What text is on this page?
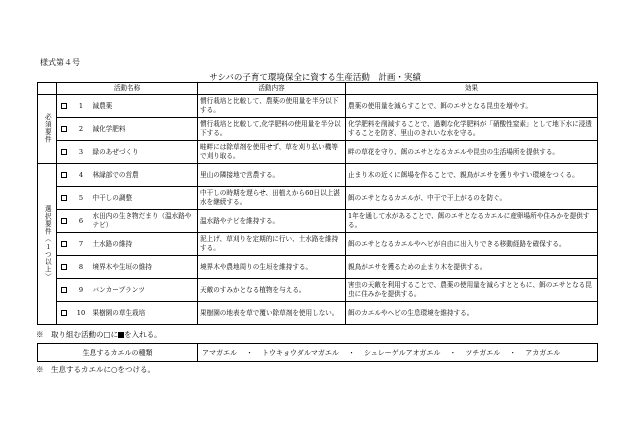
様式第４号
サシバの子育て環境保全に資する生産活動　計画・実績
	活動名称			活動内容	効果
必須要件		1	減農薬	慣行栽培と比較して、農薬の使用量を半分以下する。	農薬の使用量を減らすことで、餌のエサとなる昆虫を増やす。
		2	減化学肥料	慣行栽培と比較して,化学肥料の使用量を半分以下する。	化学肥料を削減することで、過剰な化学肥料が「硝酸性窒素」として地下水に浸透することを防ぎ、里山のきれいな水を守る。
		3	緑のあぜづくり	畦畔には除草剤を使用せず、草を刈り払い機等で刈り取る。	畔の草花を守り、餌のエサとなるカエルや昆虫の生活場所を提供する。
選択要件（１つ以上）		4	林縁部での営農	里山の隣接地で営農する。	止まり木の近くに餌場を作ることで、親鳥がエサを獲りやすい環境をつくる。
		5	中干しの調整	中干しの時期を遅らせ、田植えから60日以上湛水を継続する。	餌のエサとなるカエルが、中干で干上がるのを防ぐ。
		6	水田内の生き物だまり（温水路やテビ）	温水路やテビを維持する。	1年を通して水があることで、餌のエサとなるカエルに産卵場所や住みかを提供する。
		7	土水路の維持	泥上げ、草刈りを定期的に行い、土水路を維持する。	餌のエサとなるカエルやヘビが自由に出入りできる移動経路を確保する。
		8	境界木や生垣の維持	境界木や農地周りの生垣を維持する。	親鳥がエサを獲るための止まり木を提供する。
		9	バンカープランツ	天敵のすみかとなる植物を与える。	害虫の天敵を利用することで、農薬の使用量を減らすとともに、餌のエサとなる昆虫に住みかを提供する。
		10	果樹園の草生栽培	果樹園の地表を草で覆い除草剤を使用しない。	餌のカエルやヘビの生息環境を維持する。
※　取り組む活動の□に を入れる。
生息するカエルの種類	アマガエル ・ トウキョウダルマガエル ・ シュレーゲルアオガエル ・ ツチガエル ・ アカガエル
※　生息するカエルに○をつける。
